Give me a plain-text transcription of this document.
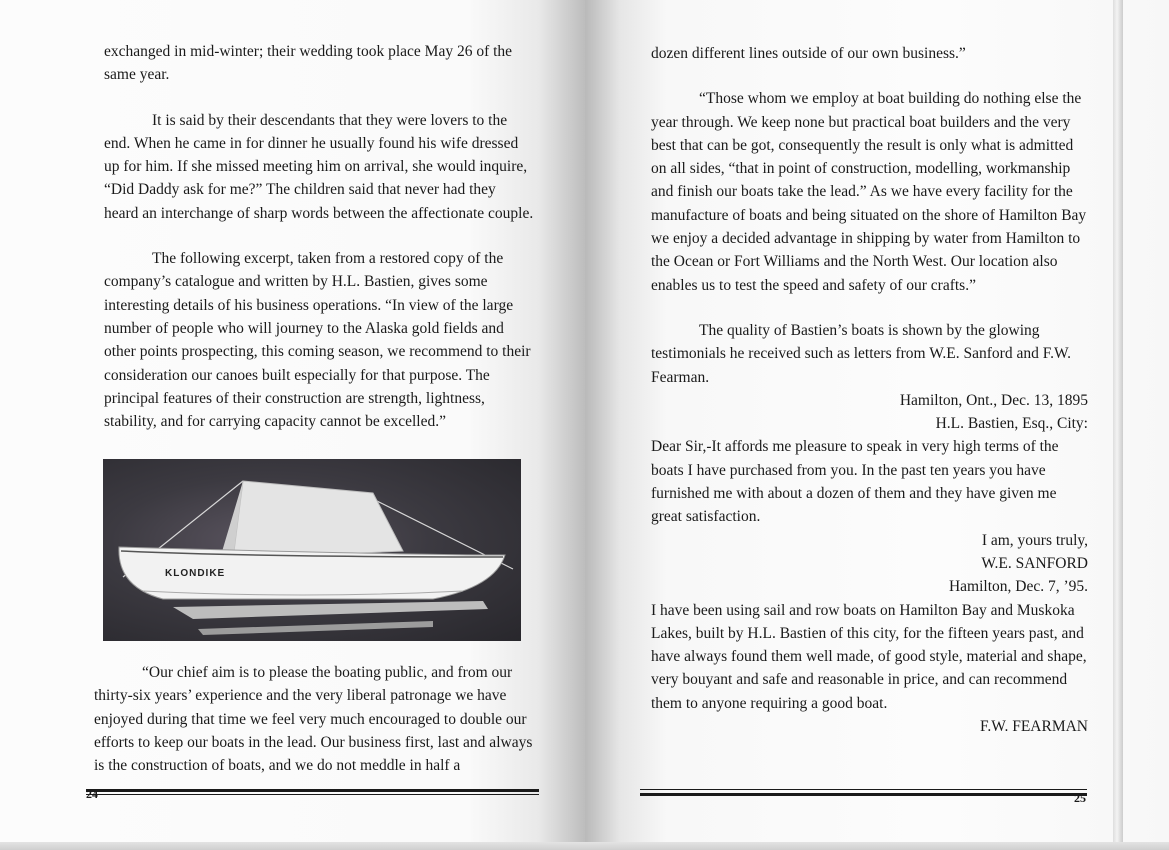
exchanged in mid-winter; their wedding took place May 26 of the same year.

It is said by their descendants that they were lovers to the end. When he came in for dinner he usually found his wife dressed up for him. If she missed meeting him on arrival, she would inquire, “Did Daddy ask for me?” The children said that never had they heard an interchange of sharp words between the affectionate couple.

The following excerpt, taken from a restored copy of the company’s catalogue and written by H.L. Bastien, gives some interesting details of his business operations. “In view of the large number of people who will journey to the Alaska gold fields and other points prospecting, this coming season, we recommend to their consideration our canoes built especially for that purpose. The principal features of their construction are strength, lightness, stability, and for carrying capacity cannot be excelled.”

KLONDIKE

“Our chief aim is to please the boating public, and from our thirty-six years’ experience and the very liberal patronage we have enjoyed during that time we feel very much encouraged to double our efforts to keep our boats in the lead. Our business first, last and always is the construction of boats, and we do not meddle in half a

24

dozen different lines outside of our own business.”

“Those whom we employ at boat building do nothing else the year through. We keep none but practical boat builders and the very best that can be got, consequently the result is only what is admitted on all sides, “that in point of construction, modelling, workmanship and finish our boats take the lead.” As we have every facility for the manufacture of boats and being situated on the shore of Hamilton Bay we enjoy a decided advantage in shipping by water from Hamilton to the Ocean or Fort Williams and the North West. Our location also enables us to test the speed and safety of our crafts.”

The quality of Bastien’s boats is shown by the glowing testimonials he received such as letters from W.E. Sanford and F.W. Fearman.

Hamilton, Ont., Dec. 13, 1895

H.L. Bastien, Esq., City:

Dear Sir,-It affords me pleasure to speak in very high terms of the boats I have purchased from you. In the past ten years you have furnished me with about a dozen of them and they have given me great satisfaction.

I am, yours truly,

W.E. SANFORD

Hamilton, Dec. 7, ’95.

I have been using sail and row boats on Hamilton Bay and Muskoka Lakes, built by H.L. Bastien of this city, for the fifteen years past, and have always found them well made, of good style, material and shape, very bouyant and safe and reasonable in price, and can recommend them to anyone requiring a good boat.

F.W. FEARMAN

25
